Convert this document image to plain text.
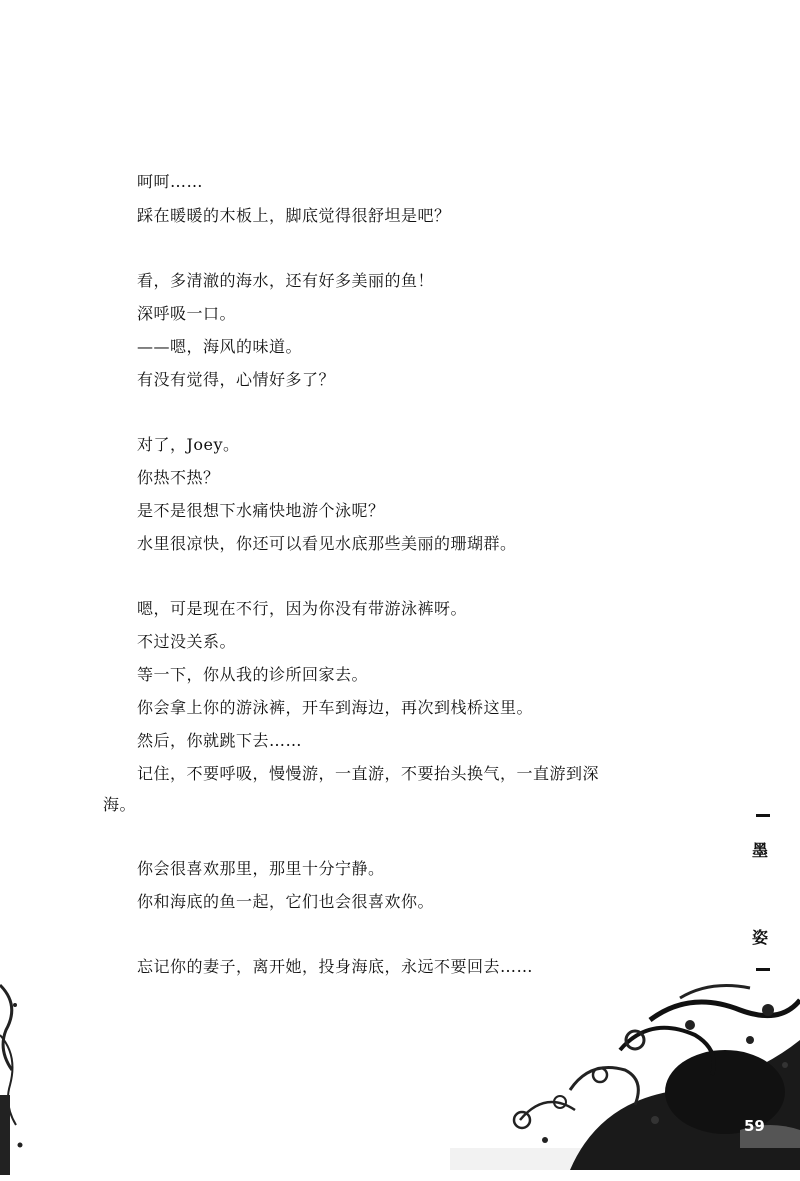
呵呵……
踩在暖暖的木板上，脚底觉得很舒坦是吧？
看，多清澈的海水，还有好多美丽的鱼！
深呼吸一口。
——嗯，海风的味道。
有没有觉得，心情好多了？
对了，Joey。
你热不热？
是不是很想下水痛快地游个泳呢？
水里很凉快，你还可以看见水底那些美丽的珊瑚群。
嗯，可是现在不行，因为你没有带游泳裤呀。
不过没关系。
等一下，你从我的诊所回家去。
你会拿上你的游泳裤，开车到海边，再次到栈桥这里。
然后，你就跳下去……
记住，不要呼吸，慢慢游，一直游，不要抬头换气，一直游到深
海。
你会很喜欢那里，那里十分宁静。
你和海底的鱼一起，它们也会很喜欢你。
忘记你的妻子，离开她，投身海底，永远不要回去……
墨
姿
59
